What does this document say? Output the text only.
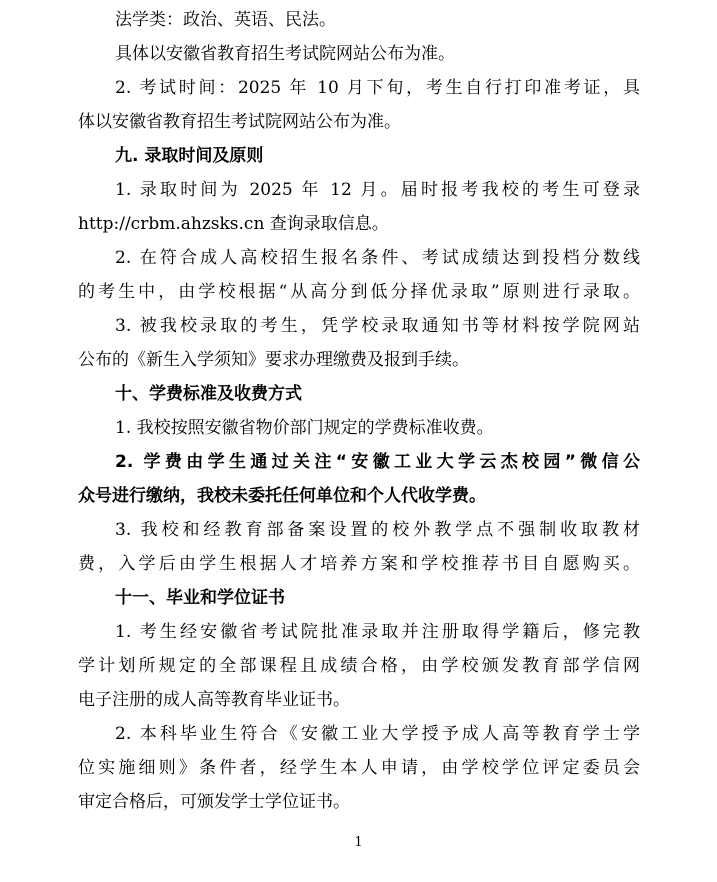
法学类：政治、英语、民法。
具体以安徽省教育招生考试院网站公布为准。
2. 考试时间：2025 年 10 月下旬，考生自行打印准考证，具
体以安徽省教育招生考试院网站公布为准。
九. 录取时间及原则
1. 录取时间为 2025 年 12 月。届时报考我校的考生可登录
http://crbm.ahzsks.cn 查询录取信息。
2. 在符合成人高校招生报名条件、考试成绩达到投档分数线
的考生中，由学校根据“从高分到低分择优录取”原则进行录取。
3. 被我校录取的考生，凭学校录取通知书等材料按学院网站
公布的《新生入学须知》要求办理缴费及报到手续。
十、学费标准及收费方式
1. 我校按照安徽省物价部门规定的学费标准收费。
2. 学费由学生通过关注“安徽工业大学云杰校园”微信公
众号进行缴纳，我校未委托任何单位和个人代收学费。
3. 我校和经教育部备案设置的校外教学点不强制收取教材
费，入学后由学生根据人才培养方案和学校推荐书目自愿购买。
十一、毕业和学位证书
1. 考生经安徽省考试院批准录取并注册取得学籍后，修完教
学计划所规定的全部课程且成绩合格，由学校颁发教育部学信网
电子注册的成人高等教育毕业证书。
2. 本科毕业生符合《安徽工业大学授予成人高等教育学士学
位实施细则》条件者，经学生本人申请，由学校学位评定委员会
审定合格后，可颁发学士学位证书。
1
